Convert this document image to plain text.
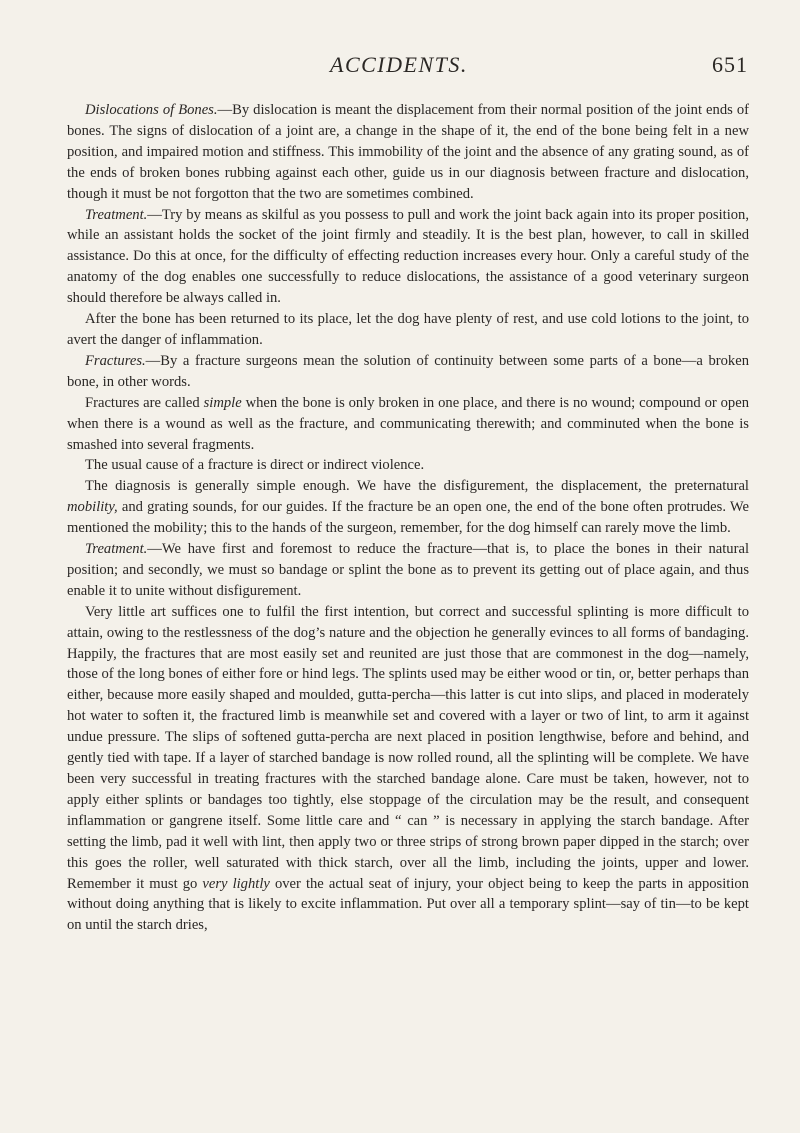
ACCIDENTS.	651

Dislocations of Bones.—By dislocation is meant the displacement from their normal position of the joint ends of bones. The signs of dislocation of a joint are, a change in the shape of it, the end of the bone being felt in a new position, and impaired motion and stiffness. This immobility of the joint and the absence of any grating sound, as of the ends of broken bones rubbing against each other, guide us in our diagnosis between fracture and dislocation, though it must be not forgotton that the two are sometimes combined.

Treatment.—Try by means as skilful as you possess to pull and work the joint back again into its proper position, while an assistant holds the socket of the joint firmly and steadily. It is the best plan, however, to call in skilled assistance. Do this at once, for the difficulty of effecting reduction increases every hour. Only a careful study of the anatomy of the dog enables one successfully to reduce dislocations, the assistance of a good veterinary surgeon should therefore be always called in.

After the bone has been returned to its place, let the dog have plenty of rest, and use cold lotions to the joint, to avert the danger of inflammation.

Fractures.—By a fracture surgeons mean the solution of continuity between some parts of a bone—a broken bone, in other words.

Fractures are called simple when the bone is only broken in one place, and there is no wound; compound or open when there is a wound as well as the fracture, and communicating therewith; and comminuted when the bone is smashed into several fragments.

The usual cause of a fracture is direct or indirect violence.

The diagnosis is generally simple enough. We have the disfigurement, the displacement, the preternatural mobility, and grating sounds, for our guides. If the fracture be an open one, the end of the bone often protrudes. We mentioned the mobility; this to the hands of the surgeon, remember, for the dog himself can rarely move the limb.

Treatment.—We have first and foremost to reduce the fracture—that is, to place the bones in their natural position; and secondly, we must so bandage or splint the bone as to prevent its getting out of place again, and thus enable it to unite without disfigurement.

Very little art suffices one to fulfil the first intention, but correct and successful splinting is more difficult to attain, owing to the restlessness of the dog’s nature and the objection he generally evinces to all forms of bandaging. Happily, the fractures that are most easily set and reunited are just those that are commonest in the dog—namely, those of the long bones of either fore or hind legs. The splints used may be either wood or tin, or, better perhaps than either, because more easily shaped and moulded, gutta-percha—this latter is cut into slips, and placed in moderately hot water to soften it, the fractured limb is meanwhile set and covered with a layer or two of lint, to arm it against undue pressure. The slips of softened gutta-percha are next placed in position lengthwise, before and behind, and gently tied with tape. If a layer of starched bandage is now rolled round, all the splinting will be complete. We have been very successful in treating fractures with the starched bandage alone. Care must be taken, however, not to apply either splints or bandages too tightly, else stoppage of the circulation may be the result, and consequent inflammation or gangrene itself. Some little care and “ can ” is necessary in applying the starch bandage. After setting the limb, pad it well with lint, then apply two or three strips of strong brown paper dipped in the starch; over this goes the roller, well saturated with thick starch, over all the limb, including the joints, upper and lower. Remember it must go very lightly over the actual seat of injury, your object being to keep the parts in apposition without doing anything that is likely to excite inflammation. Put over all a temporary splint—say of tin—to be kept on until the starch dries,
